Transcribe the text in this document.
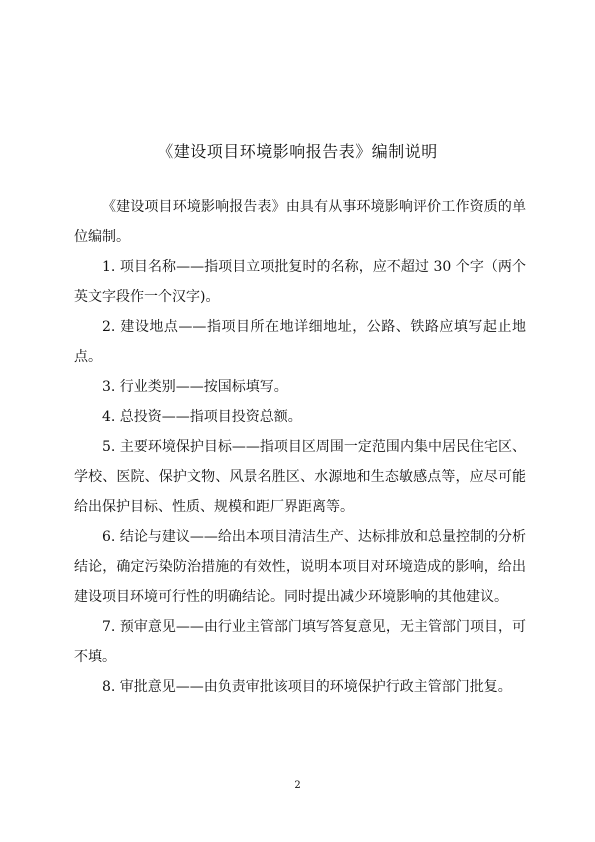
《建设项目环境影响报告表》编制说明

《建设项目环境影响报告表》由具有从事环境影响评价工作资质的单位编制。

1. 项目名称——指项目立项批复时的名称，应不超过 30 个字（两个英文字段作一个汉字)。

2. 建设地点——指项目所在地详细地址，公路、铁路应填写起止地点。

3. 行业类别——按国标填写。

4. 总投资——指项目投资总额。

5. 主要环境保护目标——指项目区周围一定范围内集中居民住宅区、学校、医院、保护文物、风景名胜区、水源地和生态敏感点等，应尽可能给出保护目标、性质、规模和距厂界距离等。

6. 结论与建议——给出本项目清洁生产、达标排放和总量控制的分析结论，确定污染防治措施的有效性，说明本项目对环境造成的影响，给出建设项目环境可行性的明确结论。同时提出减少环境影响的其他建议。

7. 预审意见——由行业主管部门填写答复意见，无主管部门项目，可不填。

8. 审批意见——由负责审批该项目的环境保护行政主管部门批复。

2
